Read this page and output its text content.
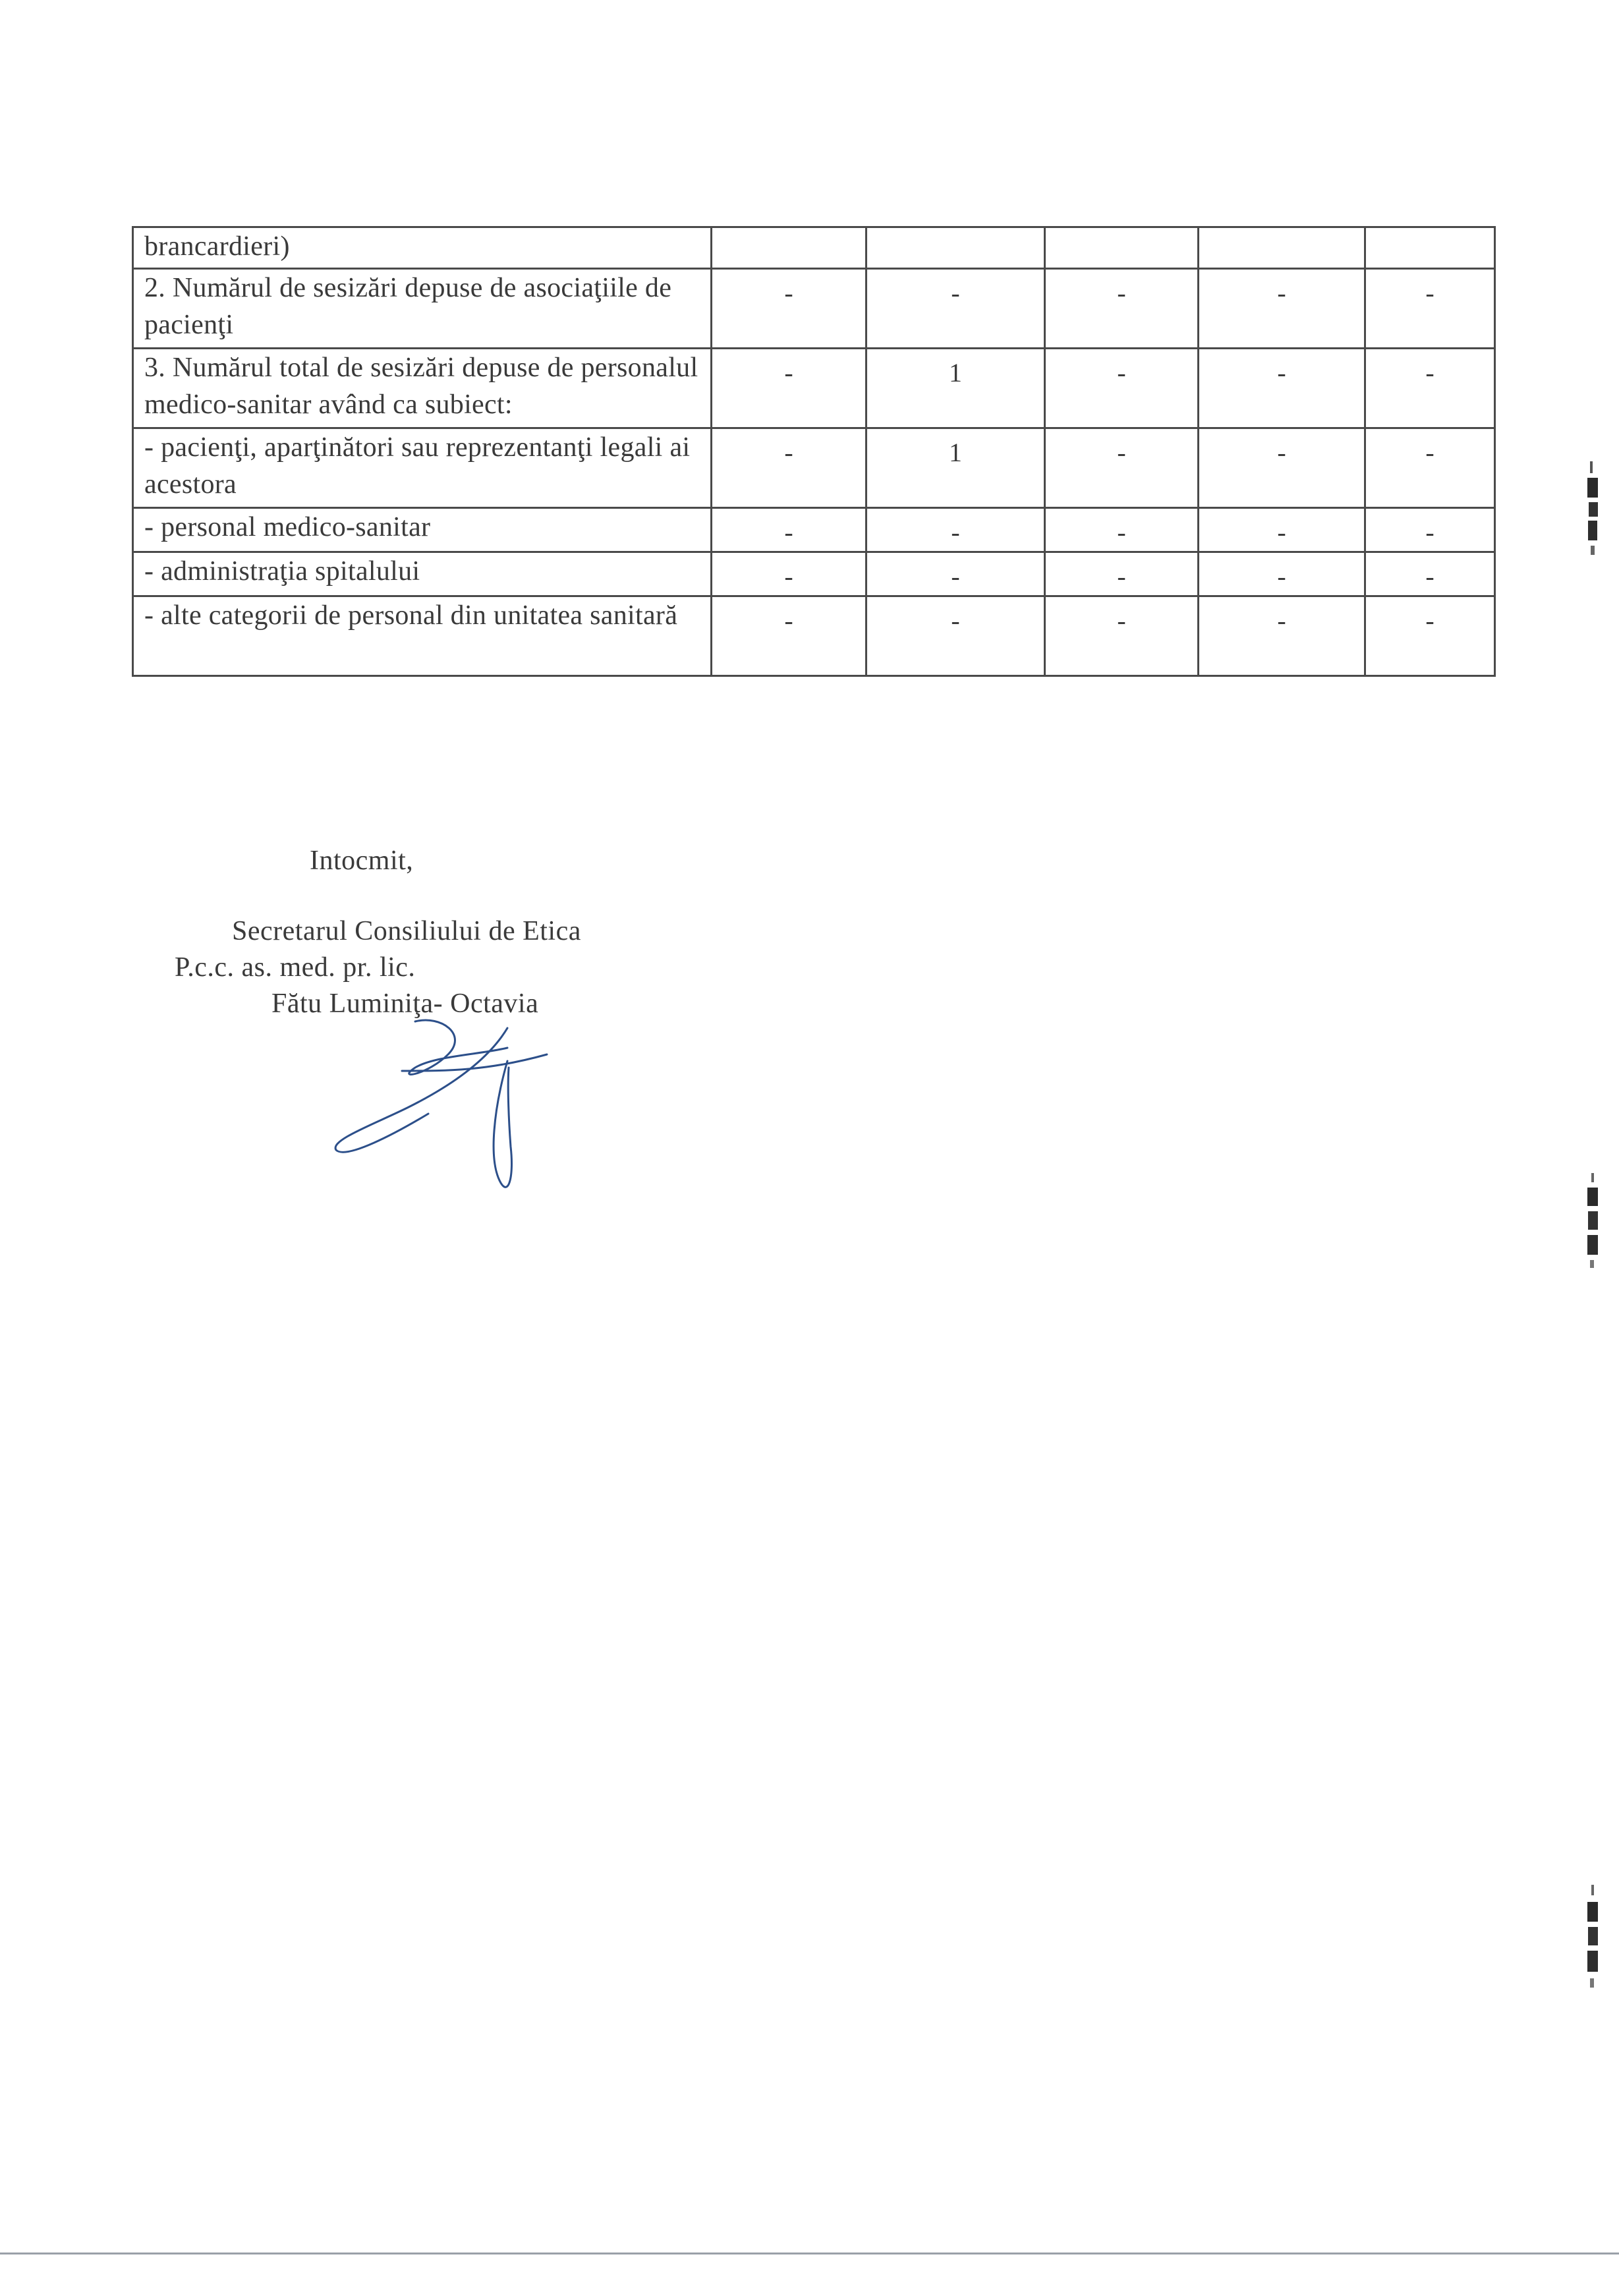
brancardieri)					
2. Numărul de sesizări depuse de asociaţiile de pacienţi	-	-	-	-	-
3. Numărul total de sesizări depuse de personalul medico-sanitar având ca subiect:	-	1	-	-	-
- pacienţi, aparţinători sau reprezentanţi legali ai acestora	-	1	-	-	-
- personal medico-sanitar	-	-	-	-	-
- administraţia spitalului	-	-	-	-	-
- alte categorii de personal din unitatea sanitară	-	-	-	-	-
Intocmit,
Secretarul Consiliului de Etica
P.c.c. as. med. pr. lic.
Fătu Luminiţa- Octavia
